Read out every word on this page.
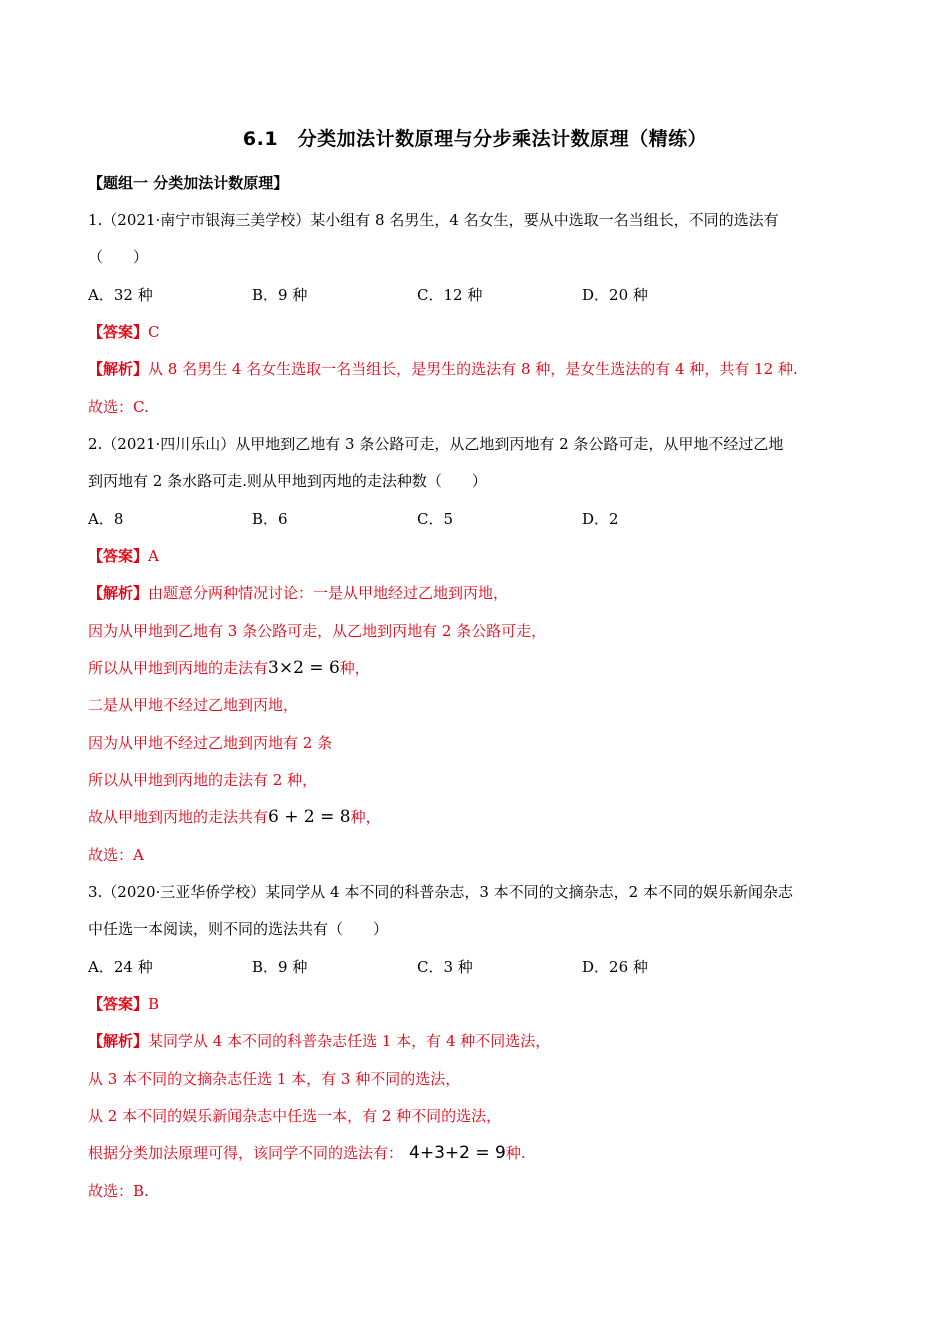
6.1　分类加法计数原理与分步乘法计数原理（精练）
【题组一 分类加法计数原理】
1.（2021·南宁市银海三美学校）某小组有 8 名男生，4 名女生，要从中选取一名当组长，不同的选法有
（　　）
A．32 种	B．9 种	C．12 种	D．20 种
【答案】C
【解析】从 8 名男生 4 名女生选取一名当组长，是男生的选法有 8 种，是女生选法的有 4 种，共有 12 种.
故选：C.
2.（2021·四川乐山）从甲地到乙地有 3 条公路可走，从乙地到丙地有 2 条公路可走，从甲地不经过乙地
到丙地有 2 条水路可走.则从甲地到丙地的走法种数（　　）
A．8	B．6	C．5	D．2
【答案】A
【解析】由题意分两种情况讨论：一是从甲地经过乙地到丙地，
因为从甲地到乙地有 3 条公路可走，从乙地到丙地有 2 条公路可走，
所以从甲地到丙地的走法有3×2 = 6种，
二是从甲地不经过乙地到丙地，
因为从甲地不经过乙地到丙地有 2 条
所以从甲地到丙地的走法有 2 种，
故从甲地到丙地的走法共有6 + 2 = 8种，
故选：A
3.（2020·三亚华侨学校）某同学从 4 本不同的科普杂志，3 本不同的文摘杂志，2 本不同的娱乐新闻杂志
中任选一本阅读，则不同的选法共有（　　）
A．24 种	B．9 种	C．3 种	D．26 种
【答案】B
【解析】某同学从 4 本不同的科普杂志任选 1 本，有 4 种不同选法，
从 3 本不同的文摘杂志任选 1 本，有 3 种不同的选法，
从 2 本不同的娱乐新闻杂志中任选一本，有 2 种不同的选法，
根据分类加法原理可得，该同学不同的选法有： 4+3+2 = 9种.
故选：B.
